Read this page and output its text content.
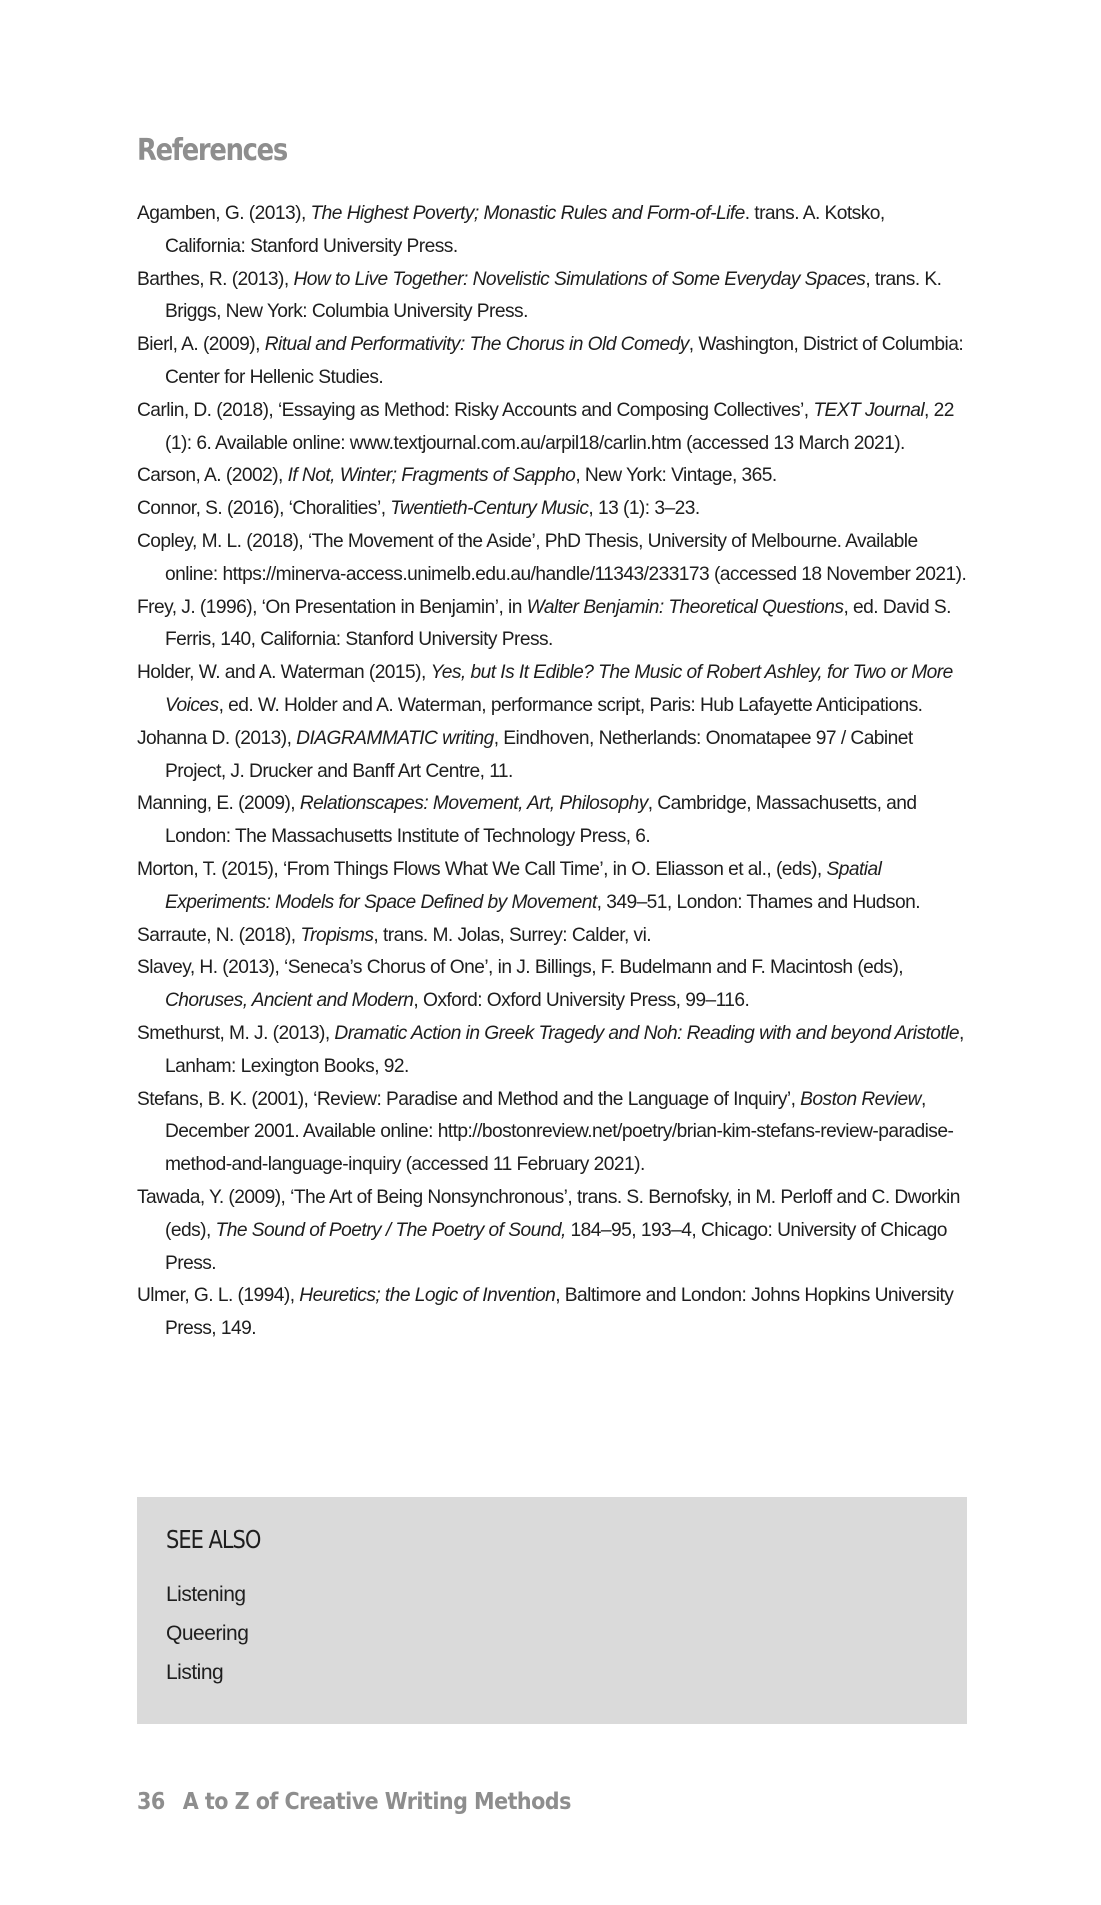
References
Agamben, G. (2013), The Highest Poverty; Monastic Rules and Form-of-Life. trans. A. Kotsko, California: Stanford University Press.
Barthes, R. (2013), How to Live Together: Novelistic Simulations of Some Everyday Spaces, trans. K. Briggs, New York: Columbia University Press.
Bierl, A. (2009), Ritual and Performativity: The Chorus in Old Comedy, Washington, District of Columbia: Center for Hellenic Studies.
Carlin, D. (2018), ‘Essaying as Method: Risky Accounts and Composing Collectives’, TEXT Journal, 22 (1): 6. Available online: www.textjournal.com.au/arpil18/carlin.htm (accessed 13 March 2021).
Carson, A. (2002), If Not, Winter; Fragments of Sappho, New York: Vintage, 365.
Connor, S. (2016), ‘Choralities’, Twentieth-Century Music, 13 (1): 3–23.
Copley, M. L. (2018), ‘The Movement of the Aside’, PhD Thesis, University of Melbourne. Available online: https://minerva-access.unimelb.edu.au/handle/11343/233173 (accessed 18 November 2021).
Frey, J. (1996), ‘On Presentation in Benjamin’, in Walter Benjamin: Theoretical Questions, ed. David S. Ferris, 140, California: Stanford University Press.
Holder, W. and A. Waterman (2015), Yes, but Is It Edible? The Music of Robert Ashley, for Two or More Voices, ed. W. Holder and A. Waterman, performance script, Paris: Hub Lafayette Anticipations.
Johanna D. (2013), DIAGRAMMATIC writing, Eindhoven, Netherlands: Onomatapee 97 / Cabinet Project, J. Drucker and Banff Art Centre, 11.
Manning, E. (2009), Relationscapes: Movement, Art, Philosophy, Cambridge, Massachusetts, and London: The Massachusetts Institute of Technology Press, 6.
Morton, T. (2015), ‘From Things Flows What We Call Time’, in O. Eliasson et al., (eds), Spatial Experiments: Models for Space Defined by Movement, 349–51, London: Thames and Hudson.
Sarraute, N. (2018), Tropisms, trans. M. Jolas, Surrey: Calder, vi.
Slavey, H. (2013), ‘Seneca’s Chorus of One’, in J. Billings, F. Budelmann and F. Macintosh (eds), Choruses, Ancient and Modern, Oxford: Oxford University Press, 99–116.
Smethurst, M. J. (2013), Dramatic Action in Greek Tragedy and Noh: Reading with and beyond Aristotle, Lanham: Lexington Books, 92.
Stefans, B. K. (2001), ‘Review: Paradise and Method and the Language of Inquiry’, Boston Review, December 2001. Available online: http://bostonreview.net/poetry/brian-kim-stefans-review-paradise-method-and-language-inquiry (accessed 11 February 2021).
Tawada, Y. (2009), ‘The Art of Being Nonsynchronous’, trans. S. Bernofsky, in M. Perloff and C. Dworkin (eds), The Sound of Poetry / The Poetry of Sound, 184–95, 193–4, Chicago: University of Chicago Press.
Ulmer, G. L. (1994), Heuretics; the Logic of Invention, Baltimore and London: Johns Hopkins University Press, 149.
SEE ALSO
Listening
Queering
Listing
36 A to Z of Creative Writing Methods
